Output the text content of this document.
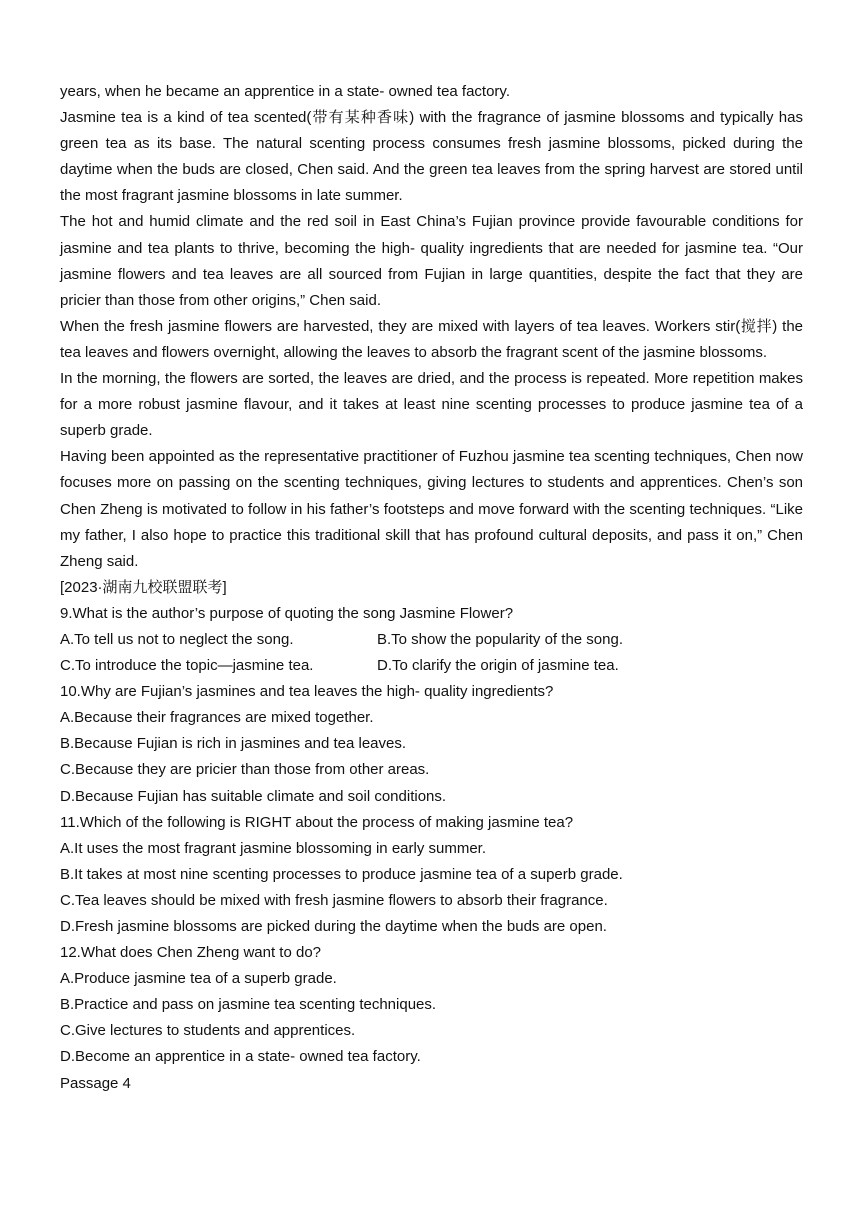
years, when he became an apprentice in a state‑ owned tea factory.

Jasmine tea is a kind of tea scented(带有某种香味) with the fragrance of jasmine blossoms and typically has green tea as its base. The natural scenting process consumes fresh jasmine blossoms, picked during the daytime when the buds are closed, Chen said. And the green tea leaves from the spring harvest are stored until the most fragrant jasmine blossoms in late summer.

The hot and humid climate and the red soil in East China’s Fujian province provide favourable conditions for jasmine and tea plants to thrive, becoming the high‑ quality ingredients that are needed for jasmine tea. “Our jasmine flowers and tea leaves are all sourced from Fujian in large quantities, despite the fact that they are pricier than those from other origins,” Chen said.

When the fresh jasmine flowers are harvested, they are mixed with layers of tea leaves. Workers stir(搅拌) the tea leaves and flowers overnight, allowing the leaves to absorb the fragrant scent of the jasmine blossoms.

In the morning, the flowers are sorted, the leaves are dried, and the process is repeated. More repetition makes for a more robust jasmine flavour, and it takes at least nine scenting processes to produce jasmine tea of a superb grade.

Having been appointed as the representative practitioner of Fuzhou jasmine tea scenting techniques, Chen now focuses more on passing on the scenting techniques, giving lectures to students and apprentices. Chen’s son Chen Zheng is motivated to follow in his father’s footsteps and move forward with the scenting techniques. “Like my father, I also hope to practice this traditional skill that has profound cultural deposits, and pass it on,” Chen Zheng said.

[2023·湖南九校联盟联考]

9.What is the author’s purpose of quoting the song Jasmine Flower?

A.To tell us not to neglect the song.	B.To show the popularity of the song.
C.To introduce the topic—jasmine tea.	D.To clarify the origin of jasmine tea.

10.Why are Fujian’s jasmines and tea leaves the high‑ quality ingredients?

A.Because their fragrances are mixed together.

B.Because Fujian is rich in jasmines and tea leaves.

C.Because they are pricier than those from other areas.

D.Because Fujian has suitable climate and soil conditions.

11.Which of the following is RIGHT about the process of making jasmine tea?

A.It uses the most fragrant jasmine blossoming in early summer.

B.It takes at most nine scenting processes to produce jasmine tea of a superb grade.

C.Tea leaves should be mixed with fresh jasmine flowers to absorb their fragrance.

D.Fresh jasmine blossoms are picked during the daytime when the buds are open.

12.What does Chen Zheng want to do?

A.Produce jasmine tea of a superb grade.

B.Practice and pass on jasmine tea scenting techniques.

C.Give lectures to students and apprentices.

D.Become an apprentice in a state‑ owned tea factory.

Passage 4
